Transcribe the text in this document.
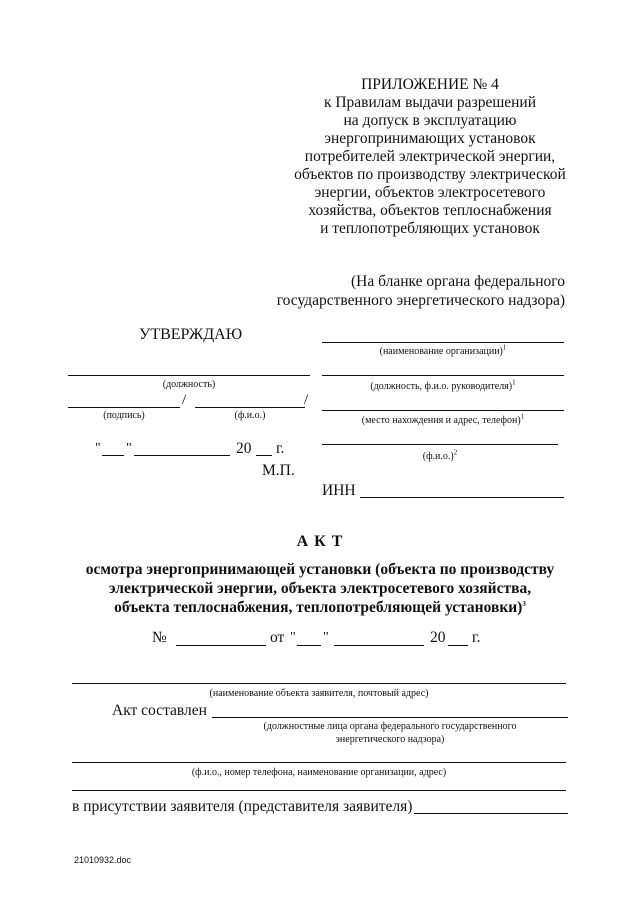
ПРИЛОЖЕНИЕ № 4
к Правилам выдачи разрешений
на допуск в эксплуатацию
энергопринимающих установок
потребителей электрической энергии,
объектов по производству электрической
энергии, объектов электросетевого
хозяйства, объектов теплоснабжения
и теплопотребляющих установок
(На бланке органа федерального
государственного энергетического надзора)
УТВЕРЖДАЮ
(должность)
/	/
(подпись)	(ф.и.о.)
" "	20 г.
М.П.
(наименование организации)$^1$
(должность, ф.и.о. руководителя)$^1$
(место нахождения и адрес, телефон)$^1$
$(ф.и.о.)^2$
ИНН
А К Т
осмотра энергопринимающей установки (объекта по производству
электрической энергии, объекта электросетевого хозяйства,
объекта теплоснабжения, теплопотребляющей установки)$^3$
№	от " "	20 г.
(наименование объекта заявителя, почтовый адрес)
Акт составлен
(должностные лица органа федерального государственного
энергетического надзора)
(ф.и.о., номер телефона, наименование организации, адрес)
в присутствии заявителя (представителя заявителя)
21010932.doc
